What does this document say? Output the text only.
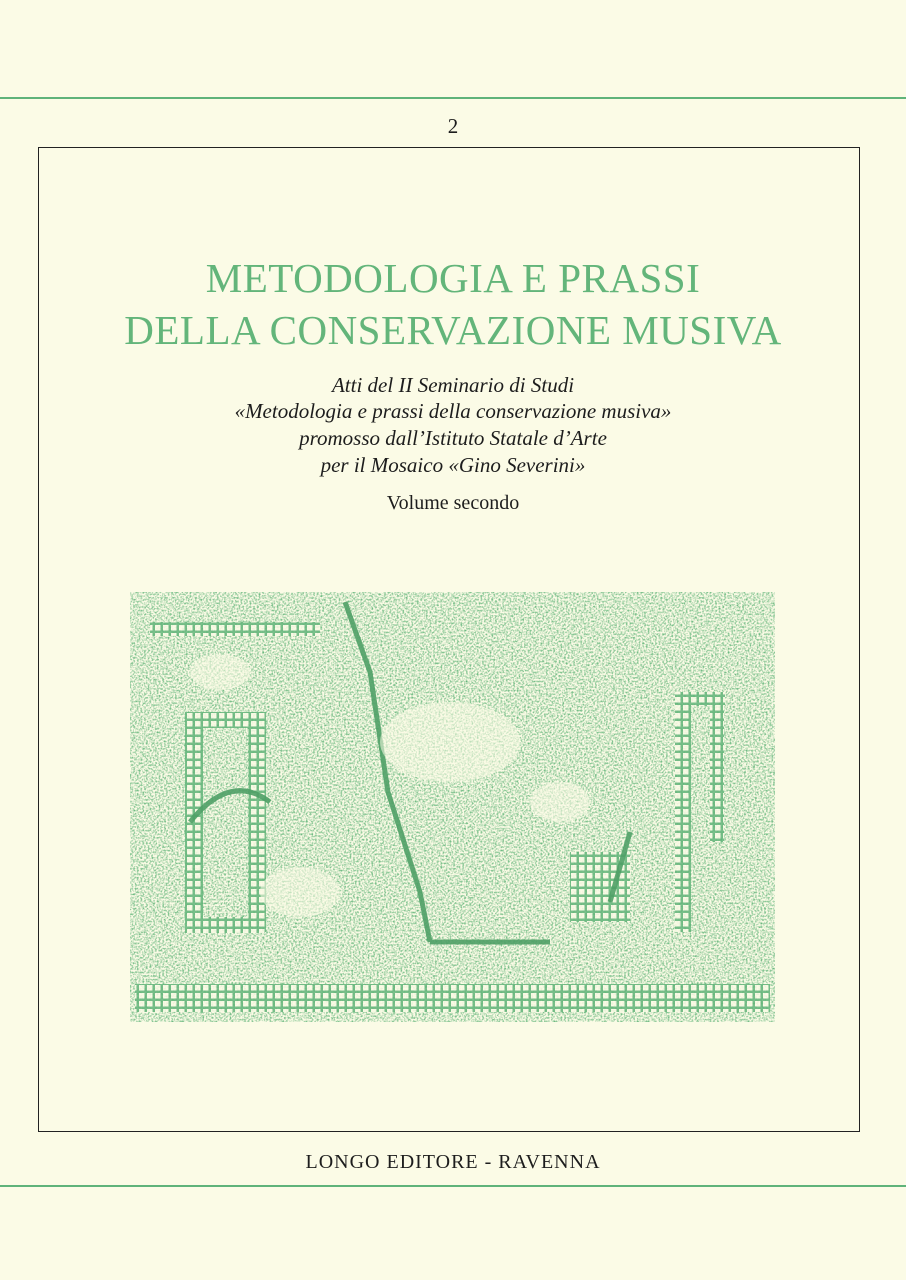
2
METODOLOGIA E PRASSI
DELLA CONSERVAZIONE MUSIVA
Atti del II Seminario di Studi
«Metodologia e prassi della conservazione musiva»
promosso dall’Istituto Statale d’Arte
per il Mosaico «Gino Severini»
Volume secondo
LONGO EDITORE - RAVENNA
